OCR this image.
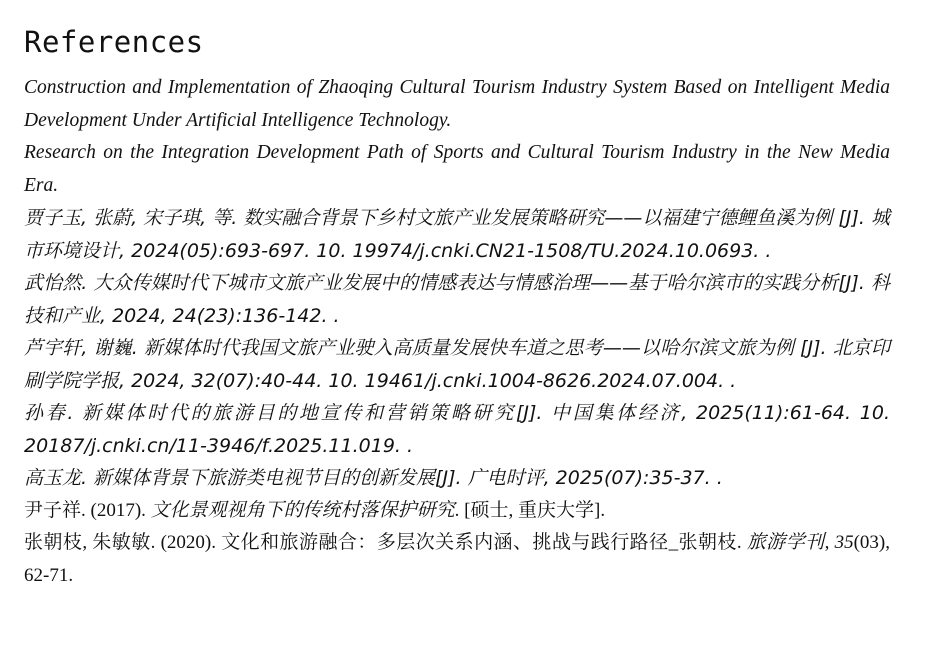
References

Construction and Implementation of Zhaoqing Cultural Tourism Industry System Based on Intelligent Media Development Under Artificial Intelligence Technology.

Research on the Integration Development Path of Sports and Cultural Tourism Industry in the New Media Era.

贾子玉, 张蔚, 宋子琪, 等. 数实融合背景下乡村文旅产业发展策略研究——以福建宁德鲤鱼溪为例 [J]. 城市环境设计, 2024(05):693-697. 10. 19974/j.cnki.CN21-1508/TU.2024.10.0693. .

武怡然. 大众传媒时代下城市文旅产业发展中的情感表达与情感治理——基于哈尔滨市的实践分析[J]. 科技和产业, 2024, 24(23):136-142. .

芦宇轩, 谢巍. 新媒体时代我国文旅产业驶入高质量发展快车道之思考——以哈尔滨文旅为例 [J]. 北京印刷学院学报, 2024, 32(07):40-44. 10. 19461/j.cnki.1004-8626.2024.07.004. .

孙春. 新媒体时代的旅游目的地宣传和营销策略研究[J]. 中国集体经济, 2025(11):61-64. 10. 20187/j.cnki.cn/11-3946/f.2025.11.019. .

高玉龙. 新媒体背景下旅游类电视节目的创新发展[J]. 广电时评, 2025(07):35-37. .

尹子祥. (2017). 文化景观视角下的传统村落保护研究. [硕士, 重庆大学].

张朝枝, 朱敏敏. (2020). 文化和旅游融合：多层次关系内涵、挑战与践行路径_张朝枝. 旅游学刊, 35(03), 62-71.
